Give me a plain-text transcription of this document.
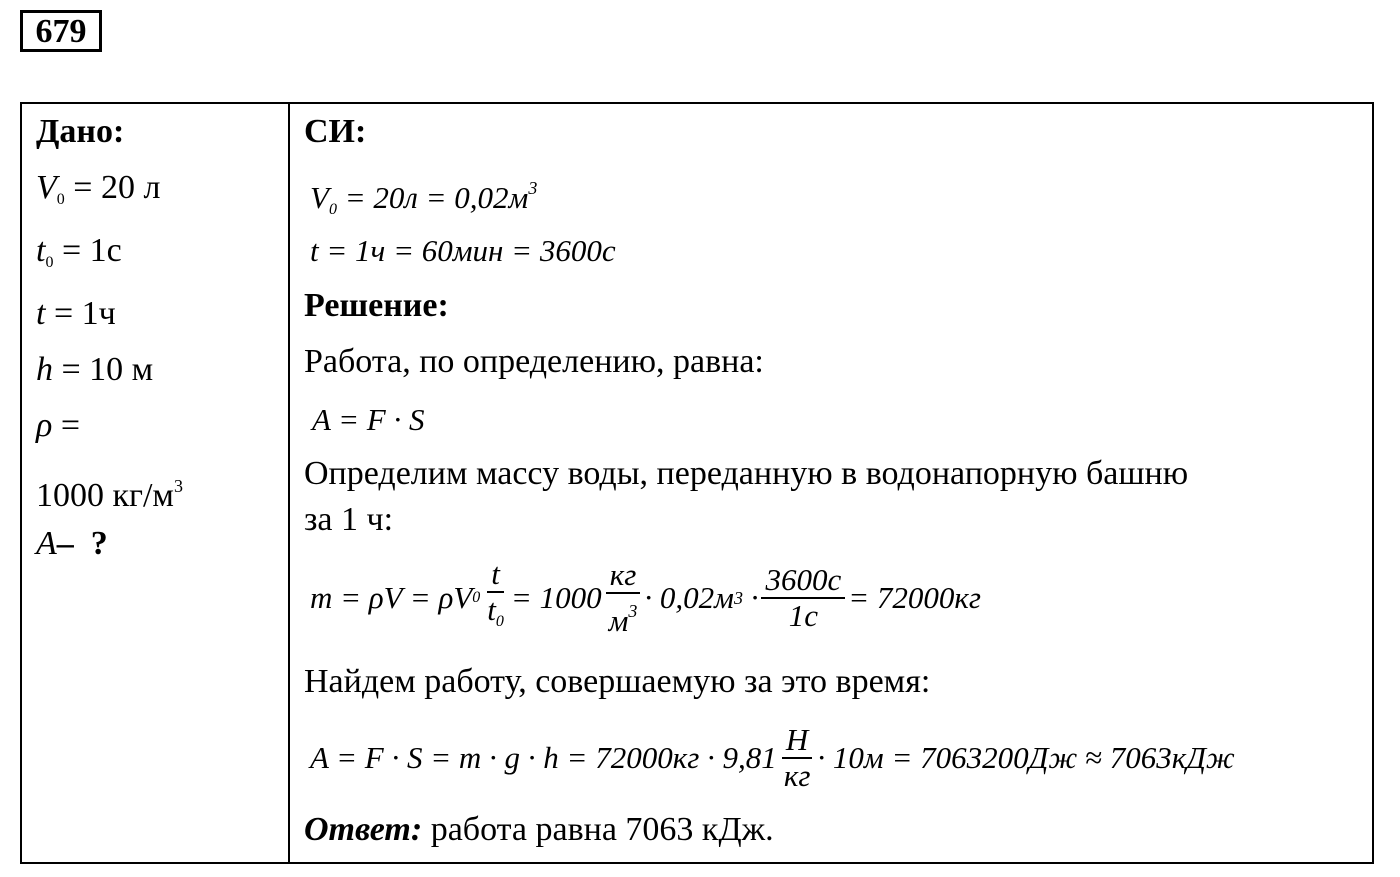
679
Дано:
$V_0 = 20$ л
$t_0 = 1с$
t = 1ч
h = 10 м
ρ =
1000 $кг/м^3$
A– ?
СИ:
$V_0 = 20л = 0,02м^3$
t = 1ч = 60мин = 3600с
Решение:
Работа, по определению, равна:
A = F · S
Определим массу воды, переданную в водонапорную башню
за 1 ч:
m = ρV = ρV $0 \frac{t}{t_0} = 1000 \frac{кг}{м^3} \cdot 0,02м$ 3
· $\frac{3600с}{1с} = 72000кг$
Найдем работу, совершаемую за это время:
$A = F \cdot S = m \cdot g \cdot h = 72000кг \cdot 9,81 \frac{Н}{кг} \cdot 10м = 7063200Дж \approx 7063кДж$
Ответ: работа равна 7063 кДж.
